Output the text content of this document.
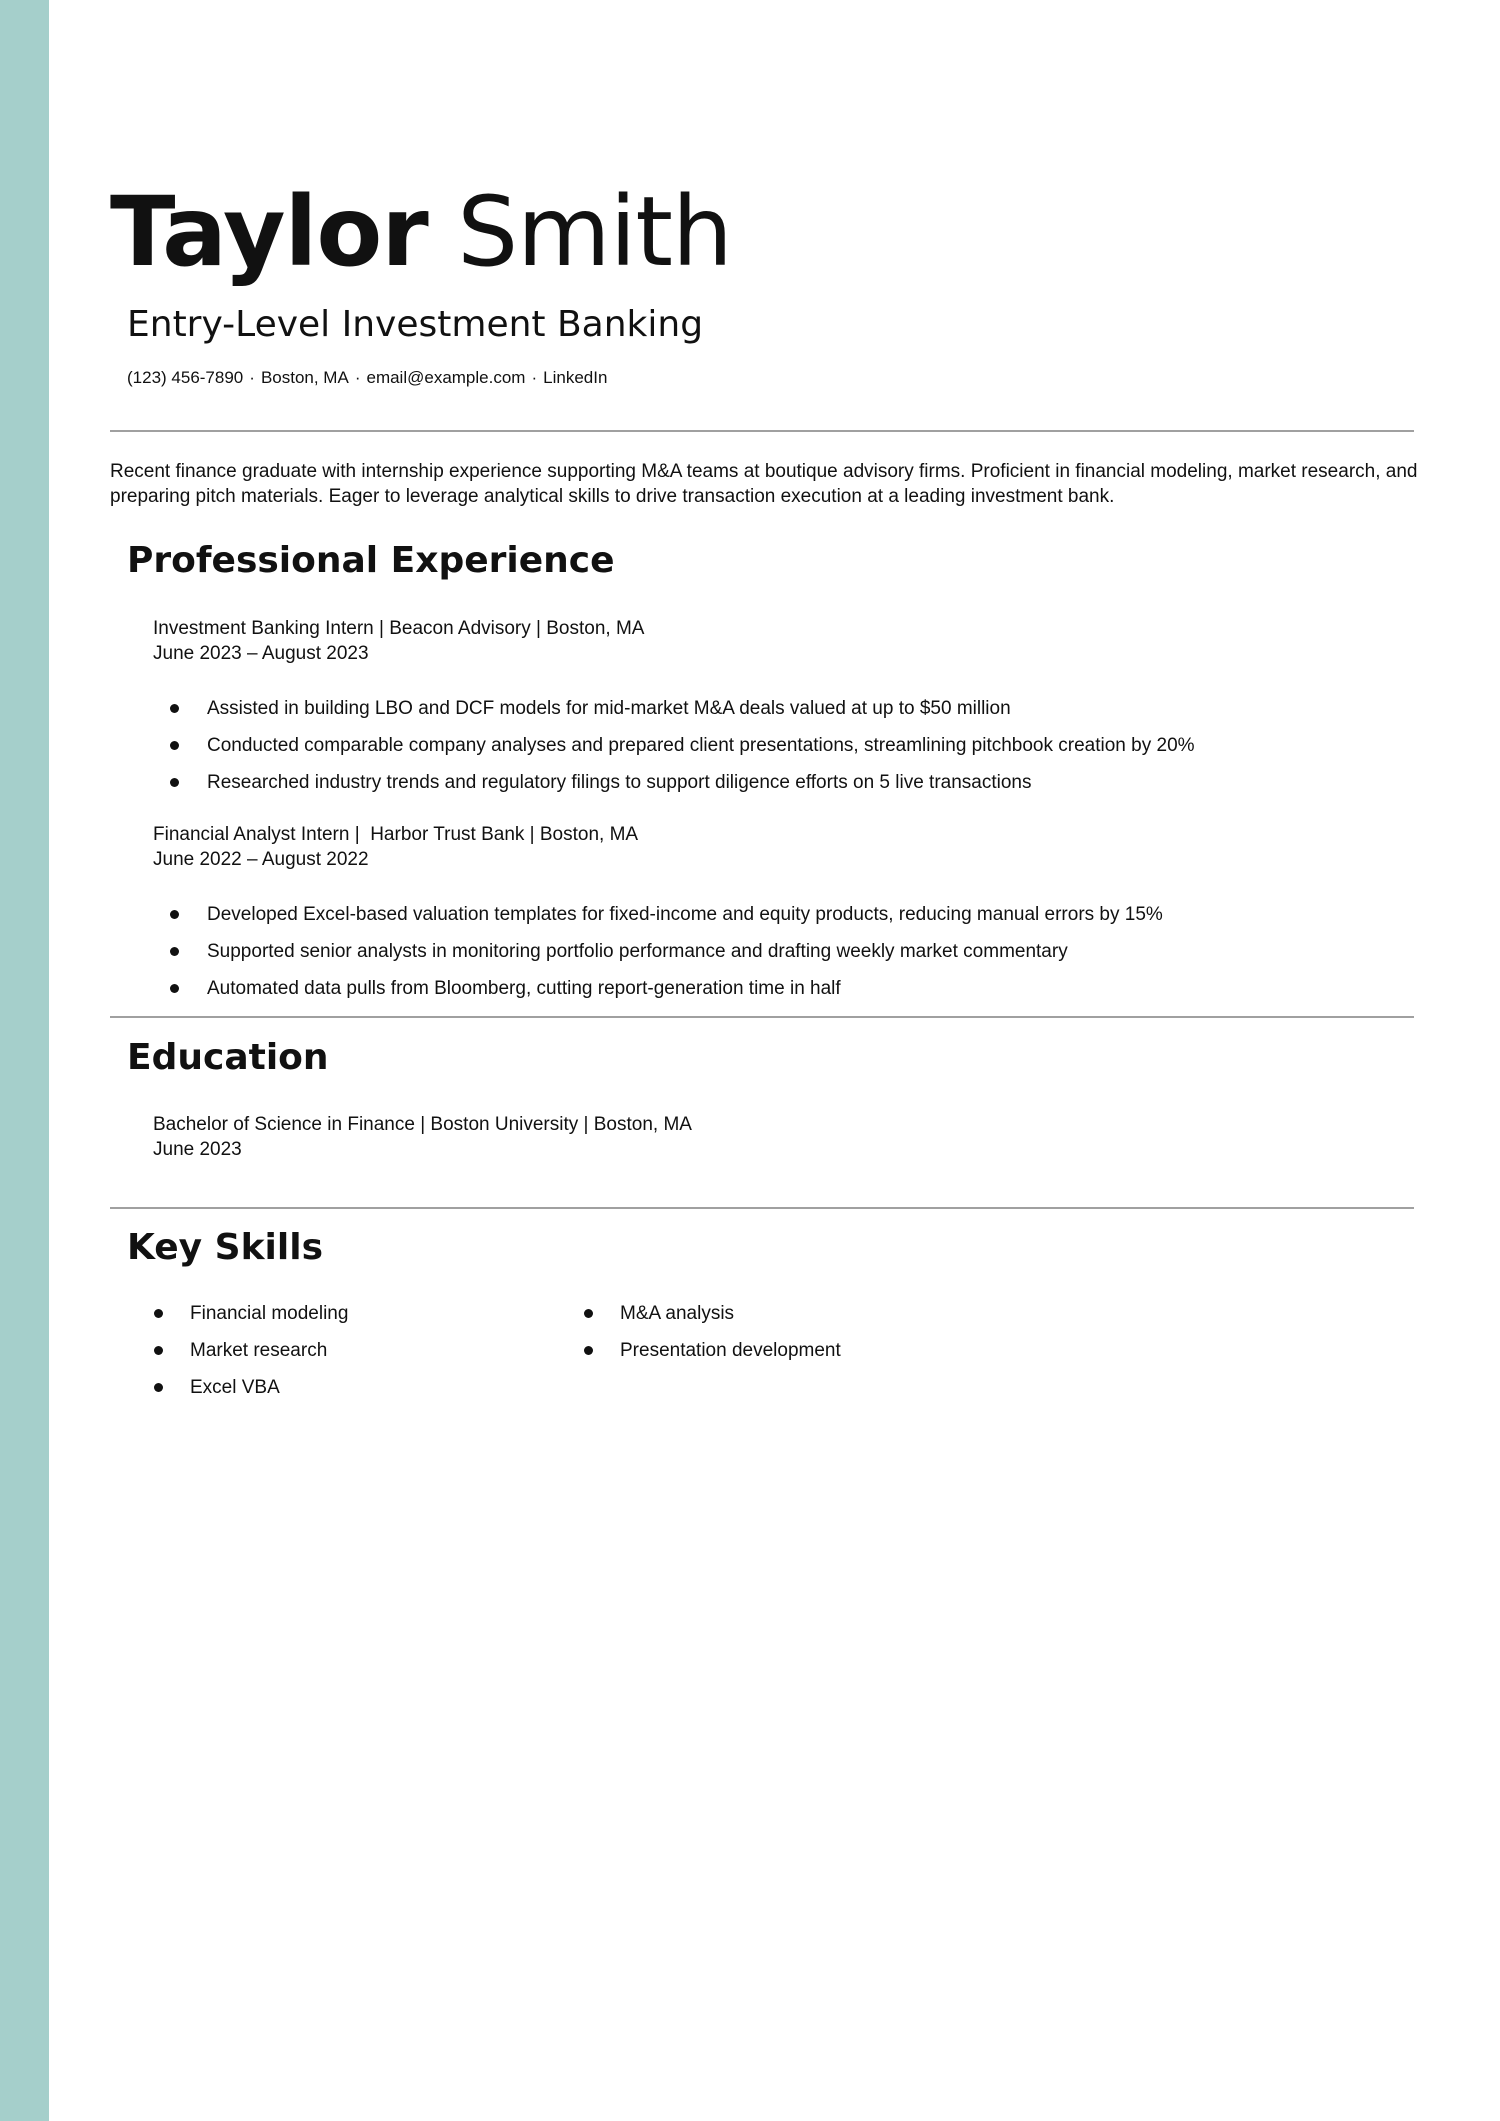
Taylor Smith
Entry-Level Investment Banking
(123) 456-7890 · Boston, MA · email@example.com · LinkedIn

Recent finance graduate with internship experience supporting M&A teams at boutique advisory firms. Proficient in financial modeling, market research, and preparing pitch materials. Eager to leverage analytical skills to drive transaction execution at a leading investment bank.

Professional Experience
Investment Banking Intern | Beacon Advisory | Boston, MA
June 2023 – August 2023
Assisted in building LBO and DCF models for mid-market M&A deals valued at up to $50 million
Conducted comparable company analyses and prepared client presentations, streamlining pitchbook creation by 20%
Researched industry trends and regulatory filings to support diligence efforts on 5 live transactions
Financial Analyst Intern |  Harbor Trust Bank | Boston, MA
June 2022 – August 2022
Developed Excel-based valuation templates for fixed-income and equity products, reducing manual errors by 15%
Supported senior analysts in monitoring portfolio performance and drafting weekly market commentary
Automated data pulls from Bloomberg, cutting report-generation time in half
Education
Bachelor of Science in Finance | Boston University | Boston, MA
June 2023
Key Skills
Financial modeling	M&A analysis
Market research	Presentation development
Excel VBA
